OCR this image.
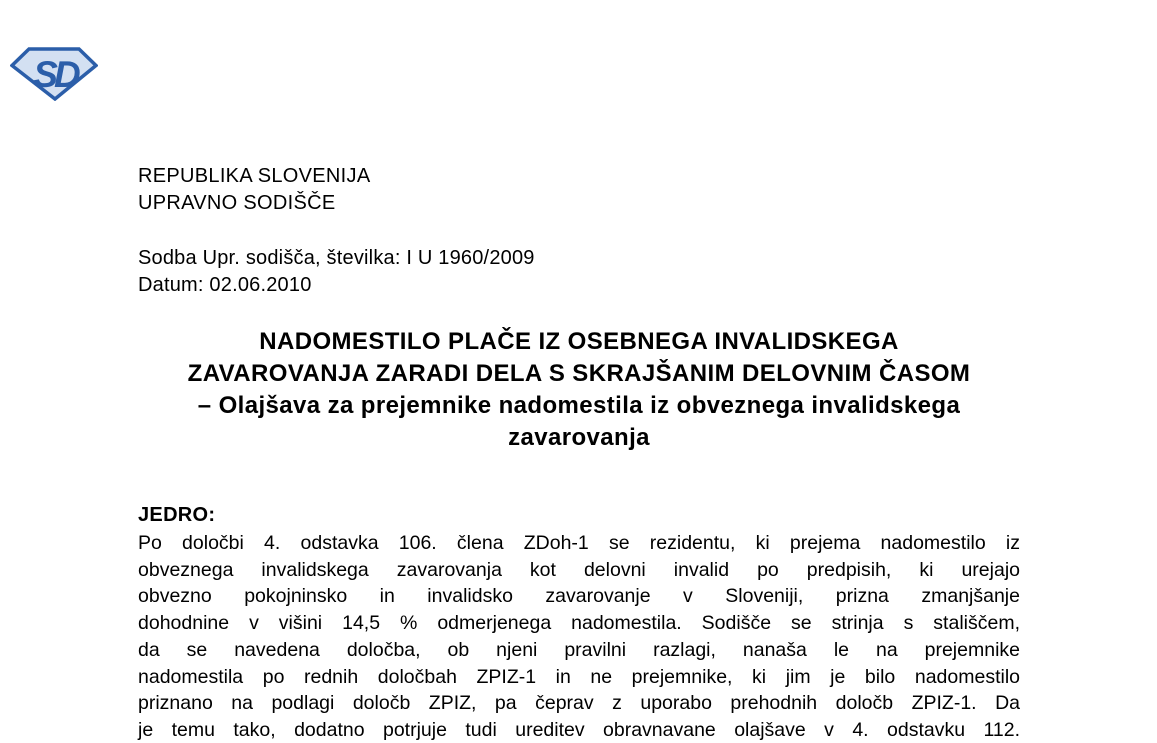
SD
REPUBLIKA SLOVENIJA
UPRAVNO SODIŠČE
Sodba Upr. sodišča, številka: I U 1960/2009
Datum: 02.06.2010
NADOMESTILO PLAČE IZ OSEBNEGA INVALIDSKEGA
ZAVAROVANJA ZARADI DELA S SKRAJŠANIM DELOVNIM ČASOM
– Olajšava za prejemnike nadomestila iz obveznega invalidskega
zavarovanja
JEDRO:
Po določbi 4. odstavka 106. člena ZDoh-1 se rezidentu, ki prejema nadomestilo iz
obveznega invalidskega zavarovanja kot delovni invalid po predpisih, ki urejajo
obvezno pokojninsko in invalidsko zavarovanje v Sloveniji, prizna zmanjšanje
dohodnine v višini 14,5 % odmerjenega nadomestila. Sodišče se strinja s stališčem,
da se navedena določba, ob njeni pravilni razlagi, nanaša le na prejemnike
nadomestila po rednih določbah ZPIZ-1 in ne prejemnike, ki jim je bilo nadomestilo
priznano na podlagi določb ZPIZ, pa čeprav z uporabo prehodnih določb ZPIZ-1. Da
je temu tako, dodatno potrjuje tudi ureditev obravnavane olajšave v 4. odstavku 112.
